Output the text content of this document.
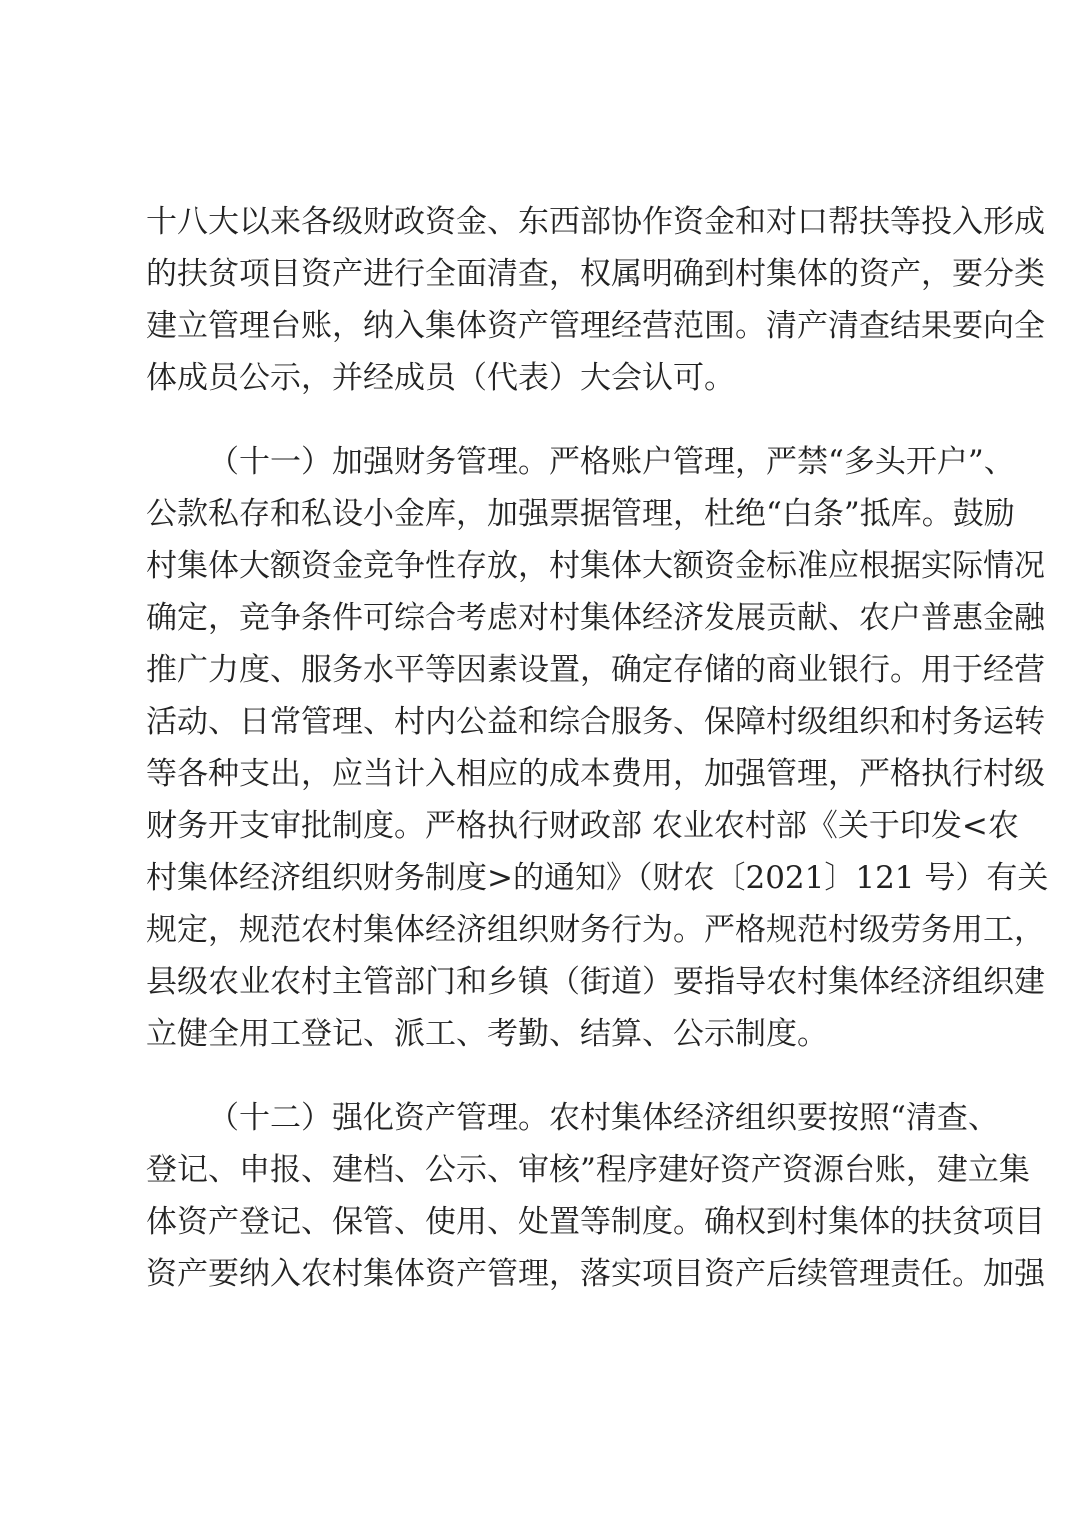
十八大以来各级财政资金、东西部协作资金和对口帮扶等投入形成
的扶贫项目资产进行全面清查，权属明确到村集体的资产，要分类
建立管理台账，纳入集体资产管理经营范围。清产清查结果要向全
体成员公示，并经成员（代表）大会认可。
（十一）加强财务管理。严格账户管理，严禁“多头开户”、
公款私存和私设小金库，加强票据管理，杜绝“白条”抵库。鼓励
村集体大额资金竞争性存放，村集体大额资金标准应根据实际情况
确定，竞争条件可综合考虑对村集体经济发展贡献、农户普惠金融
推广力度、服务水平等因素设置，确定存储的商业银行。用于经营
活动、日常管理、村内公益和综合服务、保障村级组织和村务运转
等各种支出，应当计入相应的成本费用，加强管理，严格执行村级
财务开支审批制度。严格执行财政部 农业农村部《关于印发<农
村集体经济组织财务制度>的通知》（财农〔2021〕121 号）有关
规定，规范农村集体经济组织财务行为。严格规范村级劳务用工，
县级农业农村主管部门和乡镇（街道）要指导农村集体经济组织建
立健全用工登记、派工、考勤、结算、公示制度。
（十二）强化资产管理。农村集体经济组织要按照“清查、
登记、申报、建档、公示、审核”程序建好资产资源台账，建立集
体资产登记、保管、使用、处置等制度。确权到村集体的扶贫项目
资产要纳入农村集体资产管理，落实项目资产后续管理责任。加强
